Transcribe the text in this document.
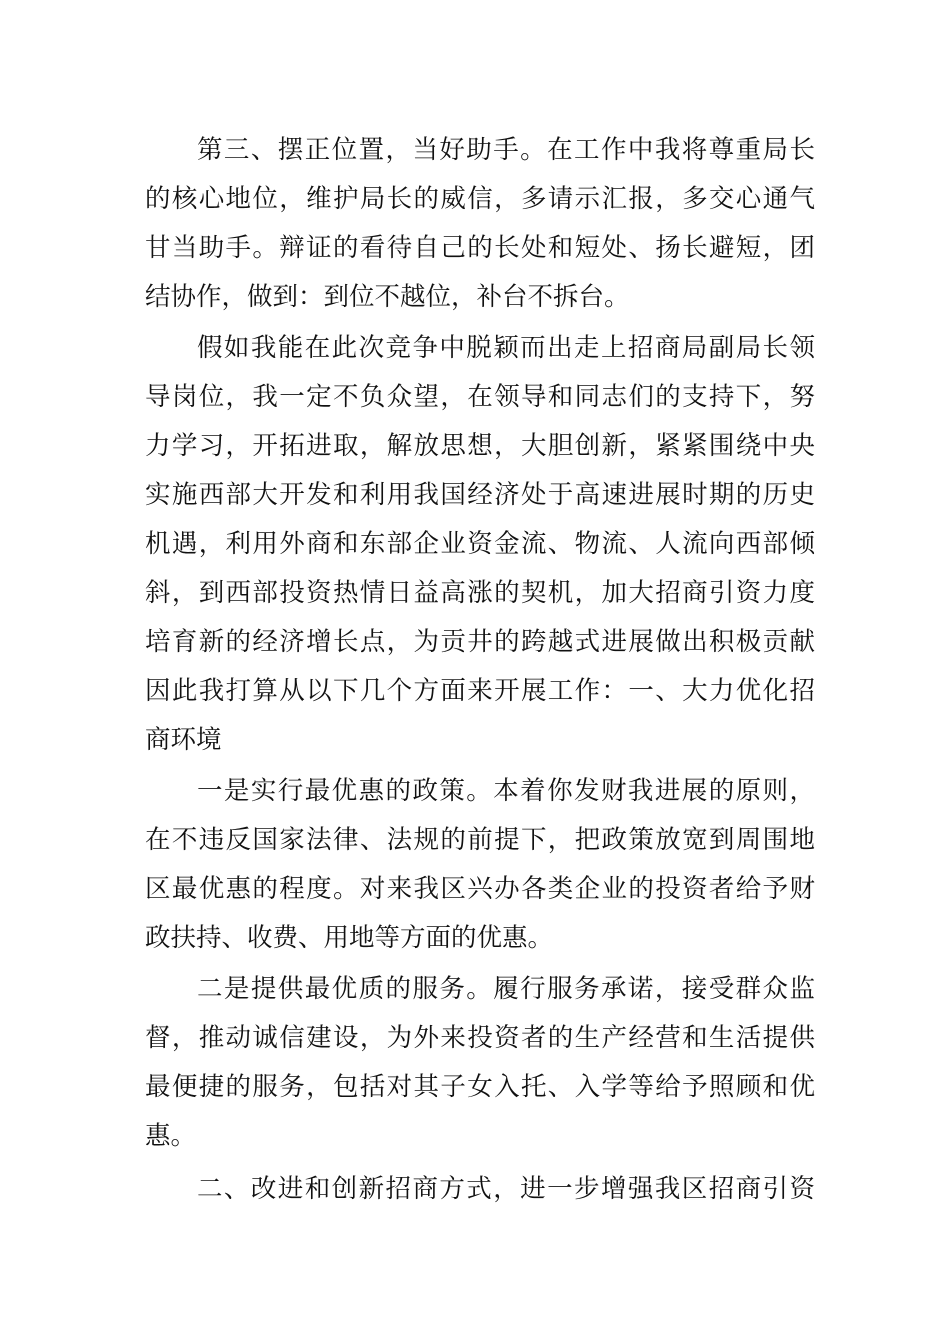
第三、摆正位置，当好助手。在工作中我将尊重局长
的核心地位，维护局长的威信，多请示汇报，多交心通气
甘当助手。辩证的看待自己的长处和短处、扬长避短，团
结协作，做到：到位不越位，补台不拆台。
假如我能在此次竞争中脱颖而出走上招商局副局长领
导岗位，我一定不负众望，在领导和同志们的支持下，努
力学习，开拓进取，解放思想，大胆创新，紧紧围绕中央
实施西部大开发和利用我国经济处于高速进展时期的历史
机遇，利用外商和东部企业资金流、物流、人流向西部倾
斜，到西部投资热情日益高涨的契机，加大招商引资力度
培育新的经济增长点，为贡井的跨越式进展做出积极贡献
因此我打算从以下几个方面来开展工作：一、大力优化招
商环境
一是实行最优惠的政策。本着你发财我进展的原则，
在不违反国家法律、法规的前提下，把政策放宽到周围地
区最优惠的程度。对来我区兴办各类企业的投资者给予财
政扶持、收费、用地等方面的优惠。
二是提供最优质的服务。履行服务承诺，接受群众监
督，推动诚信建设，为外来投资者的生产经营和生活提供
最便捷的服务，包括对其子女入托、入学等给予照顾和优
惠。
二、改进和创新招商方式，进一步增强我区招商引资
